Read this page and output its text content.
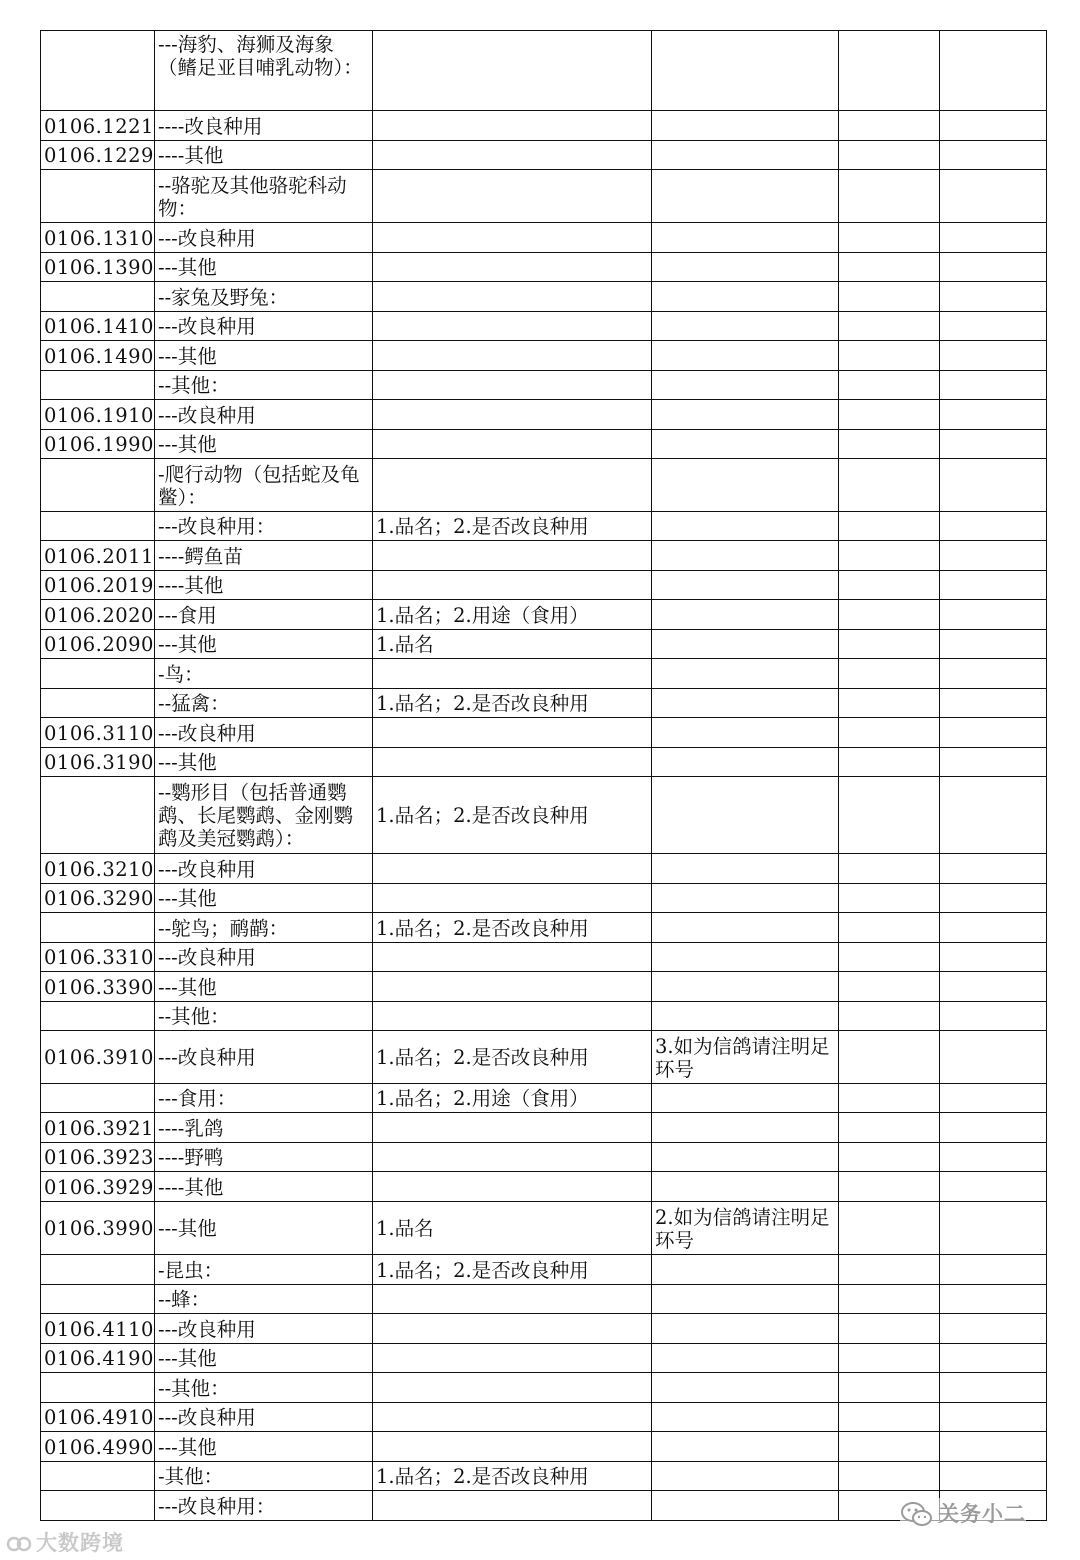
	---海豹、海狮及海象（鳍足亚目哺乳动物）：				
0106.1221	----改良种用				
0106.1229	----其他				
	--骆驼及其他骆驼科动物：				
0106.1310	---改良种用				
0106.1390	---其他				
	--家兔及野兔：				
0106.1410	---改良种用				
0106.1490	---其他				
	--其他：				
0106.1910	---改良种用				
0106.1990	---其他				
	-爬行动物（包括蛇及龟鳖）：				
	---改良种用：	1.品名；2.是否改良种用			
0106.2011	----鳄鱼苗				
0106.2019	----其他				
0106.2020	---食用	1.品名；2.用途（食用）			
0106.2090	---其他	1.品名			
	-鸟：				
	--猛禽：	1.品名；2.是否改良种用			
0106.3110	---改良种用				
0106.3190	---其他				
	--鹦形目（包括普通鹦鹉、长尾鹦鹉、金刚鹦鹉及美冠鹦鹉）：	1.品名；2.是否改良种用			
0106.3210	---改良种用				
0106.3290	---其他				
	--鸵鸟；鸸鹋：	1.品名；2.是否改良种用			
0106.3310	---改良种用				
0106.3390	---其他				
	--其他：				
0106.3910	---改良种用	1.品名；2.是否改良种用	3.如为信鸽请注明足环号		
	---食用：	1.品名；2.用途（食用）			
0106.3921	----乳鸽				
0106.3923	----野鸭				
0106.3929	----其他				
0106.3990	---其他	1.品名	2.如为信鸽请注明足环号		
	-昆虫：	1.品名；2.是否改良种用			
	--蜂：				
0106.4110	---改良种用				
0106.4190	---其他				
	--其他：				
0106.4910	---改良种用				
0106.4990	---其他				
	-其他：	1.品名；2.是否改良种用			
	---改良种用：				
大数跨境
关务小二
